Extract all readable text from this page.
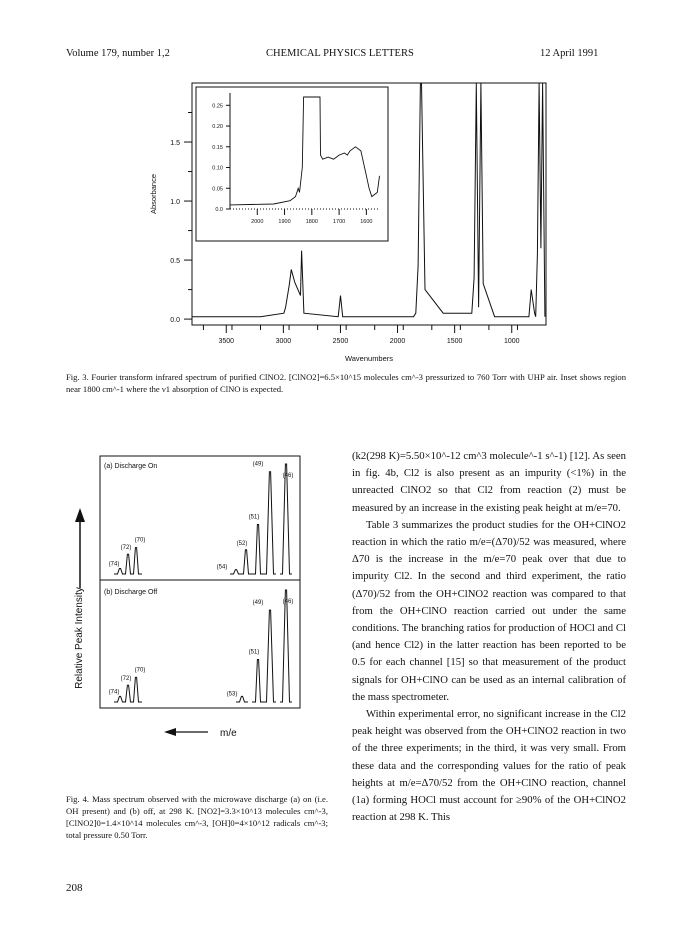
Volume 179, number 1,2	CHEMICAL PHYSICS LETTERS	12 April 1991
3500	3000	2500	2000	1500	1000
0.0
0.5
1.0
1.5
Wavenumbers
Absorbance	0.0
0.05
0.10
0.15
0.20
0.25
2000	1900	1800	1700	1600
Fig. 3. Fourier transform infrared spectrum of purified ClNO2. [ClNO2]=6.5×10^15 molecules cm^-3 pressurized to 760 Torr with UHP air. Inset shows region near 1800 cm^-1 where the ν1 absorption of ClNO is expected.
(a) Discharge On
(74)
(72)
(70)
(54)
(52)
(51)
(49)
(46)
(b) Discharge Off
(74)
(72)
(70)
(53)
(51)
(49)	(46)
Relative Peak Intensity
m/e
Fig. 4. Mass spectrum observed with the microwave discharge (a) on (i.e. OH present) and (b) off, at 298 K. [NO2]=3.3×10^13 molecules cm^-3, [ClNO2]0=1.4×10^14 molecules cm^-3, [OH]0=4×10^12 radicals cm^-3; total pressure 0.50 Torr.

(k2(298 K)=5.50×10^-12 cm^3 molecule^-1 s^-1) [12]. As seen in fig. 4b, Cl2 is also present as an impurity (<1%) in the unreacted ClNO2 so that Cl2 from reaction (2) must be measured by an increase in the existing peak height at m/e=70.

Table 3 summarizes the product studies for the OH+ClNO2 reaction in which the ratio m/e=(Δ70)/52 was measured, where Δ70 is the increase in the m/e=70 peak over that due to impurity Cl2. In the second and third experiment, the ratio (Δ70)/52 from the OH+ClNO2 reaction was compared to that from the OH+ClNO reaction carried out under the same conditions. The branching ratios for production of HOCl and Cl (and hence Cl2) in the latter reaction has been reported to be 0.5 for each channel [15] so that measurement of the product signals for OH+ClNO can be used as an internal calibration of the mass spectrometer.

Within experimental error, no significant increase in the Cl2 peak height was observed from the OH+ClNO2 reaction in two of the three experiments; in the third, it was very small. From these data and the corresponding values for the ratio of peak heights at m/e=Δ70/52 from the OH+ClNO reaction, channel (1a) forming HOCl must account for ≥90% of the OH+ClNO2 reaction at 298 K. This

208
